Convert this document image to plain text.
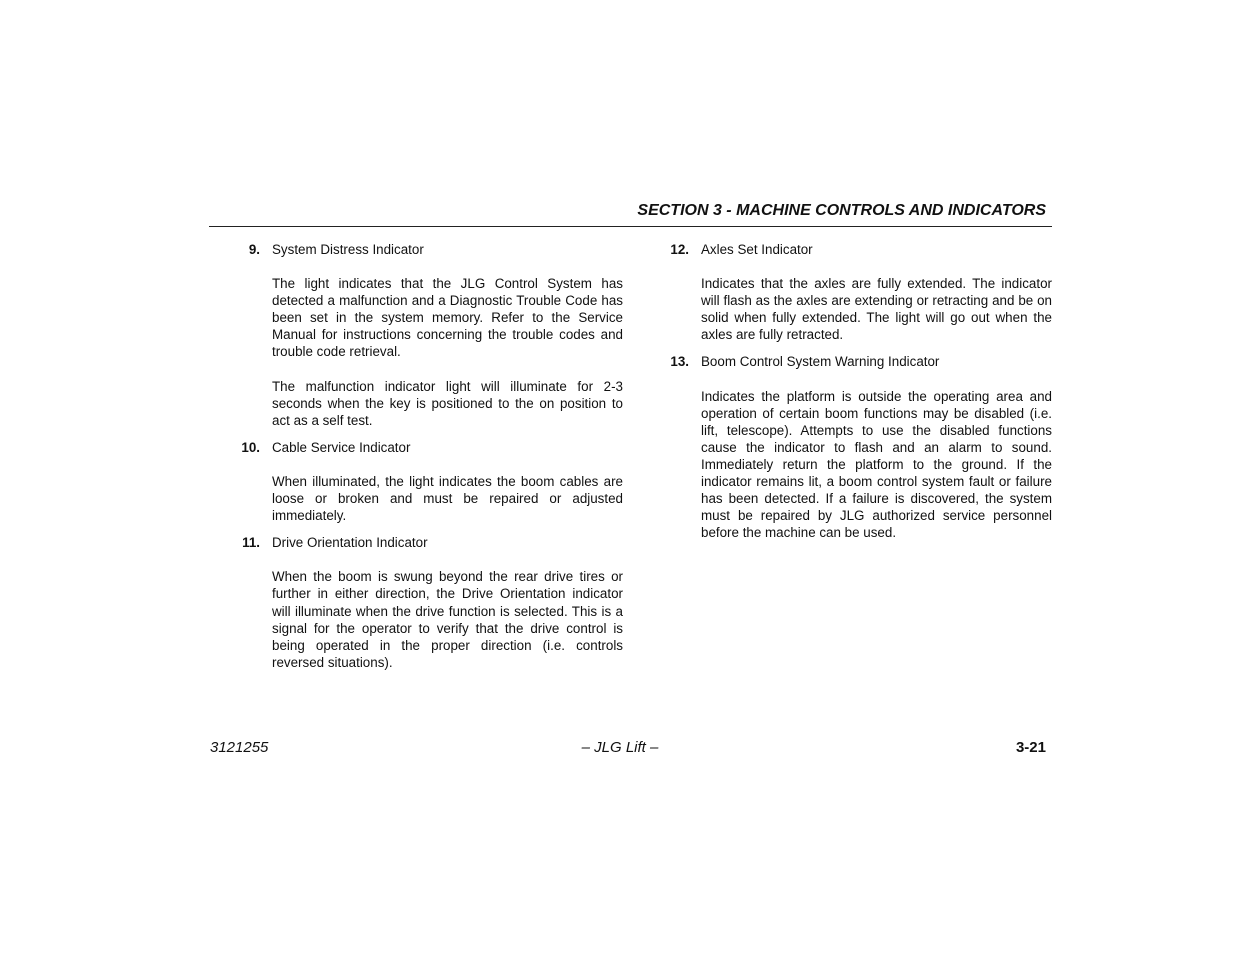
SECTION 3 - MACHINE CONTROLS AND INDICATORS
9. System Distress Indicator

The light indicates that the JLG Control System has detected a malfunction and a Diagnostic Trouble Code has been set in the system memory. Refer to the Service Manual for instructions concerning the trouble codes and trouble code retrieval.

The malfunction indicator light will illuminate for 2-3 seconds when the key is positioned to the on position to act as a self test.

10. Cable Service Indicator

When illuminated, the light indicates the boom cables are loose or broken and must be repaired or adjusted immediately.

11. Drive Orientation Indicator

When the boom is swung beyond the rear drive tires or further in either direction, the Drive Orientation indicator will illuminate when the drive function is selected. This is a signal for the operator to verify that the drive control is being operated in the proper direction (i.e. controls reversed situations).

12. Axles Set Indicator

Indicates that the axles are fully extended. The indicator will flash as the axles are extending or retracting and be on solid when fully extended. The light will go out when the axles are fully retracted.

13. Boom Control System Warning Indicator

Indicates the platform is outside the operating area and operation of certain boom functions may be disabled (i.e. lift, telescope). Attempts to use the disabled functions cause the indicator to flash and an alarm to sound. Immediately return the platform to the ground. If the indicator remains lit, a boom control system fault or failure has been detected. If a failure is discovered, the system must be repaired by JLG authorized service personnel before the machine can be used.

3121255	– JLG Lift –	3-21
